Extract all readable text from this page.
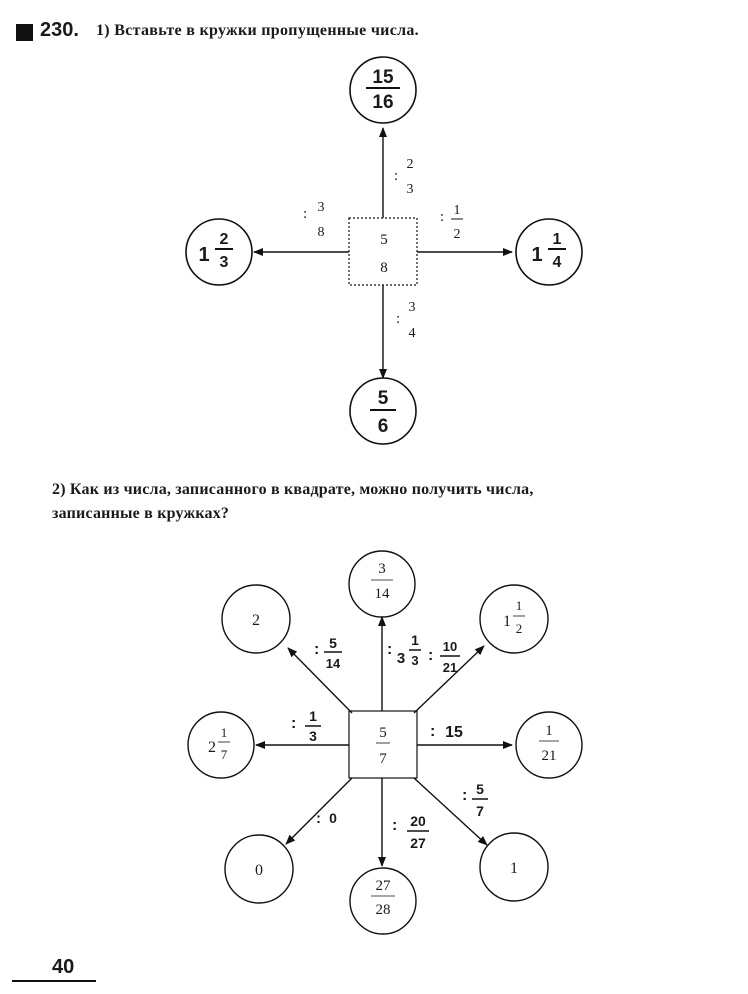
230. 1) Вставьте в кружки пропущенные числа.
2) Как из числа, записанного в квадрате, можно получить числа,
записанные в кружках?
5
8
15
16
1
2
3	1
1
4
5
6
:
2
3
: 3
8
: 1
2
:
3
4
5
7
3
14
2	1
1
2
2
1
7
1
21
0
27
28
1
: 5
14
:
3
1
3 :
10
21
: 1
3	: 15
: 0	: 20
27
: 5
7
40
